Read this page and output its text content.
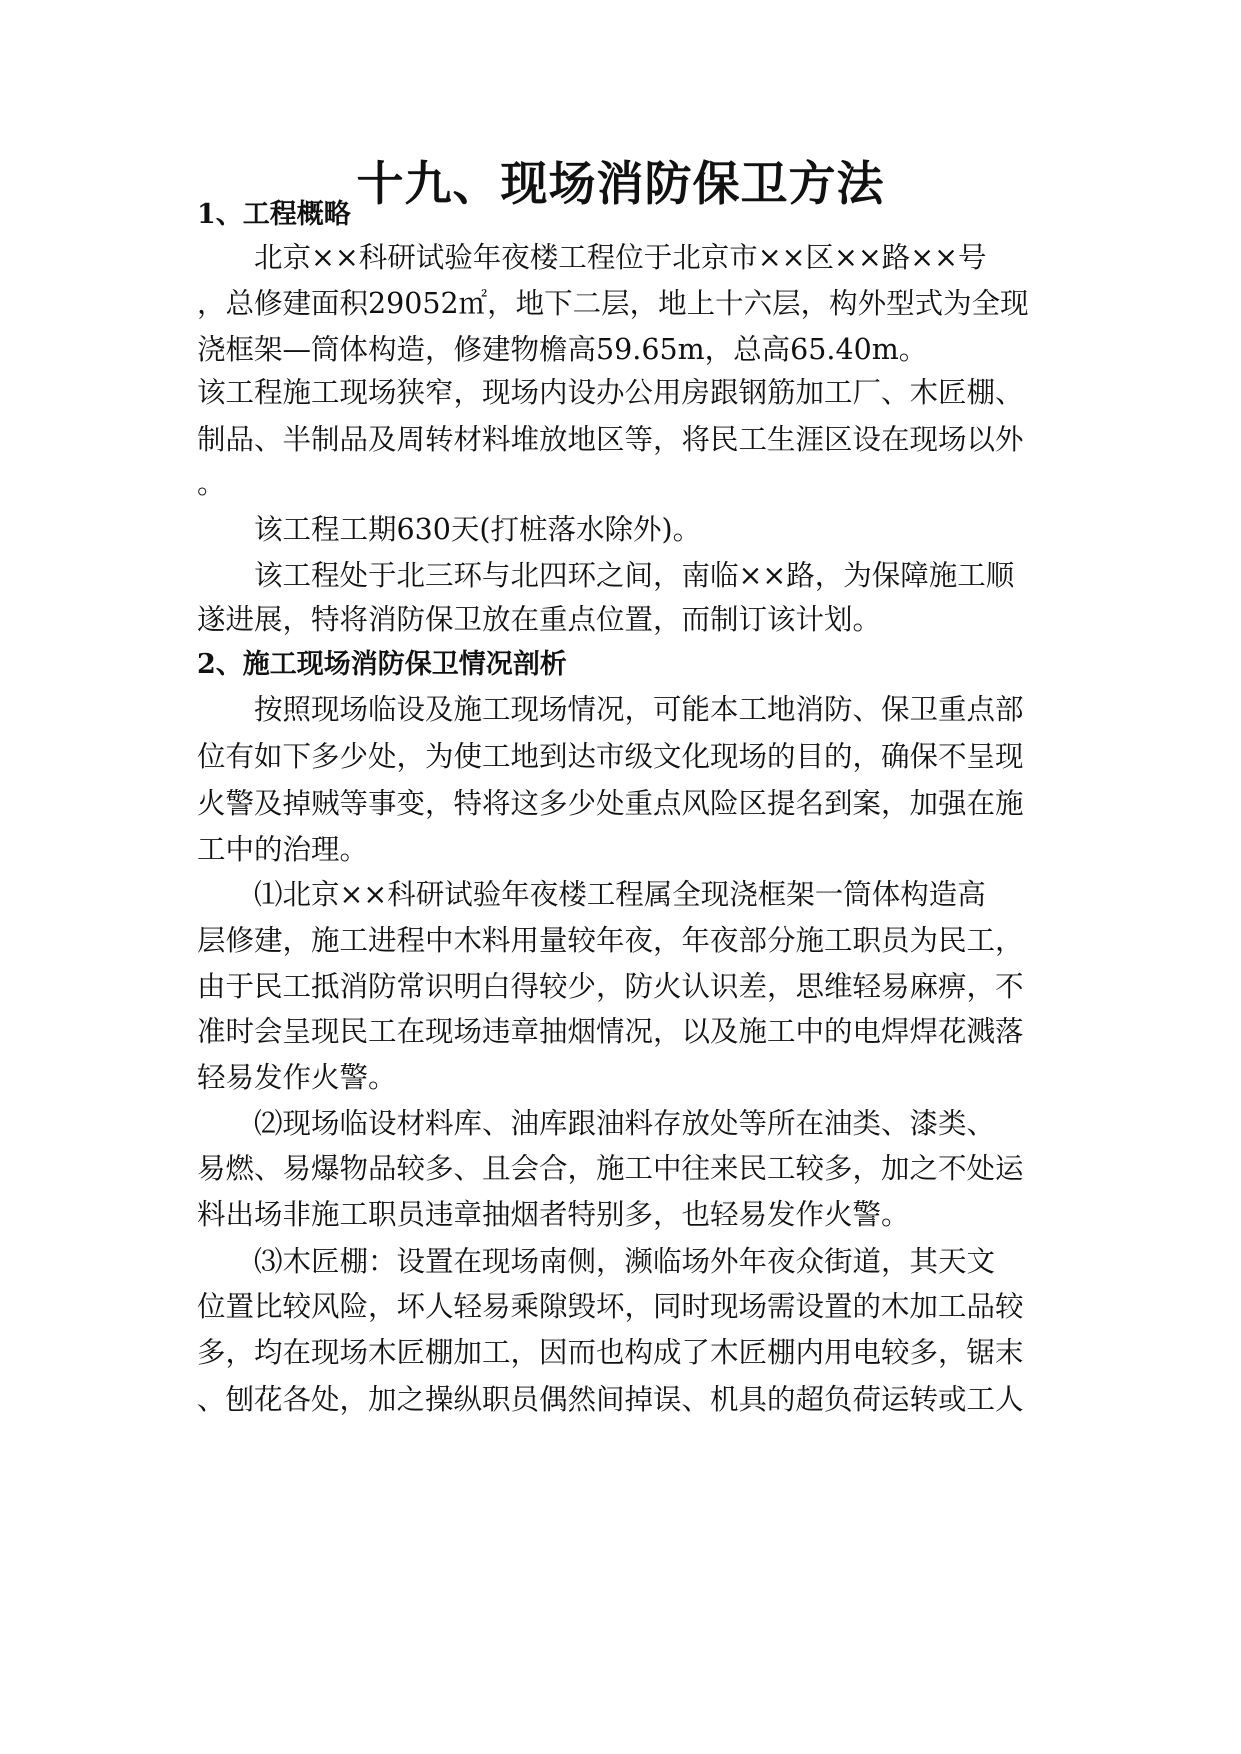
十九、现场消防保卫方法
1、工程概略
北京××科研试验年夜楼工程位于北京市××区××路××号
，总修建面积29052㎡，地下二层，地上十六层，构外型式为全现
浇框架—筒体构造，修建物檐高59.65m，总高65.40m。
该工程施工现场狭窄，现场内设办公用房跟钢筋加工厂、木匠棚、
制品、半制品及周转材料堆放地区等，将民工生涯区设在现场以外
。
该工程工期630天(打桩落水除外)。
该工程处于北三环与北四环之间，南临××路，为保障施工顺
遂进展，特将消防保卫放在重点位置，而制订该计划。
2、施工现场消防保卫情况剖析
按照现场临设及施工现场情况，可能本工地消防、保卫重点部
位有如下多少处，为使工地到达市级文化现场的目的，确保不呈现
火警及掉贼等事变，特将这多少处重点风险区提名到案，加强在施
工中的治理。
⑴北京××科研试验年夜楼工程属全现浇框架一筒体构造高
层修建，施工进程中木料用量较年夜，年夜部分施工职员为民工，
由于民工抵消防常识明白得较少，防火认识差，思维轻易麻痹，不
准时会呈现民工在现场违章抽烟情况，以及施工中的电焊焊花溅落
轻易发作火警。
⑵现场临设材料库、油库跟油料存放处等所在油类、漆类、
易燃、易爆物品较多、且会合，施工中往来民工较多，加之不处运
料出场非施工职员违章抽烟者特别多，也轻易发作火警。
⑶木匠棚：设置在现场南侧，濒临场外年夜众街道，其天文
位置比较风险，坏人轻易乘隙毁坏，同时现场需设置的木加工品较
多，均在现场木匠棚加工，因而也构成了木匠棚内用电较多，锯末
、刨花各处，加之操纵职员偶然间掉误、机具的超负荷运转或工人
